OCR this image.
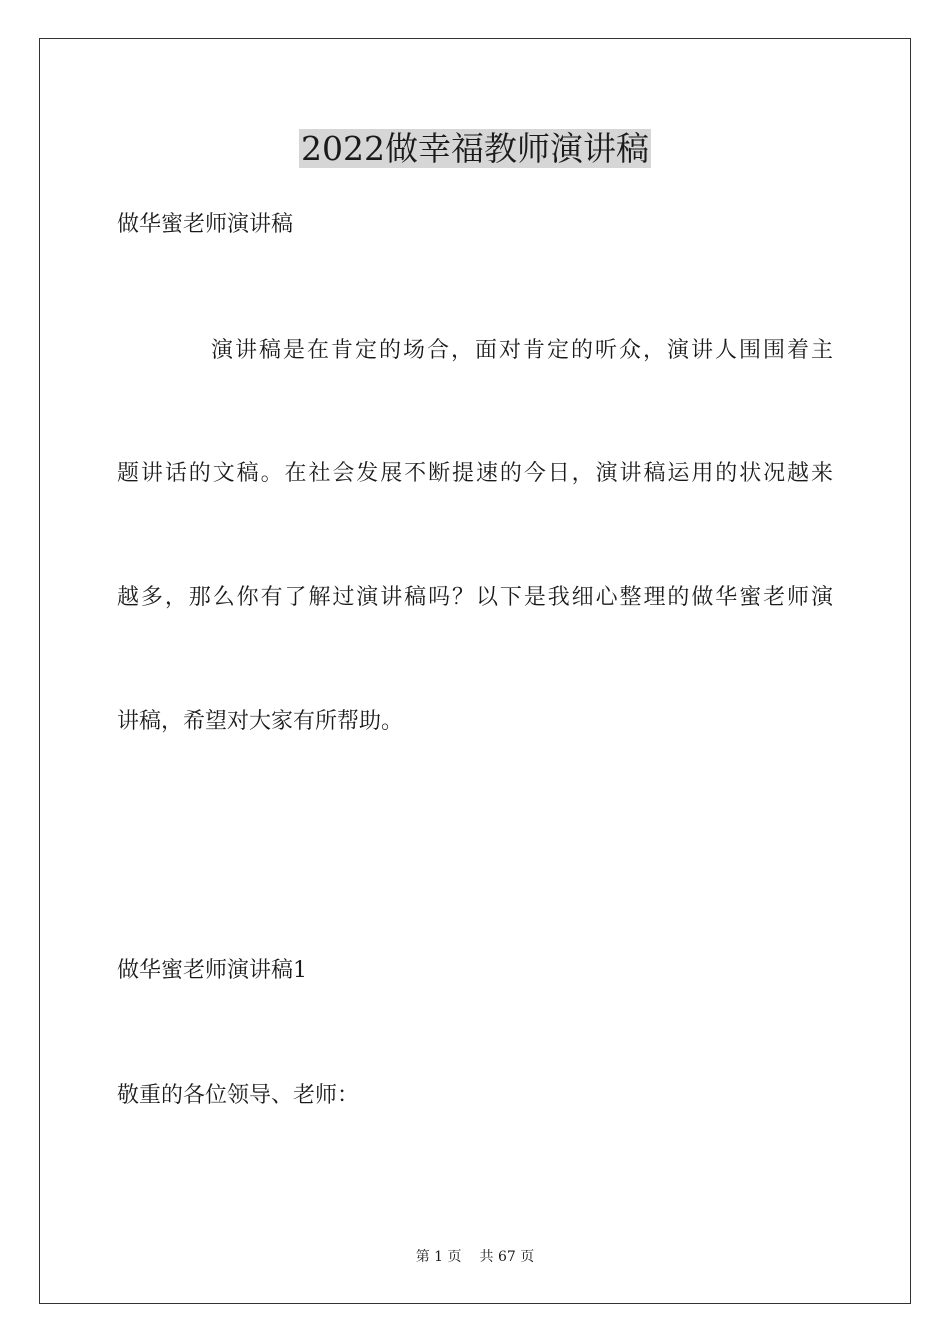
2022做幸福教师演讲稿
做华蜜老师演讲稿
演讲稿是在肯定的场合，面对肯定的听众，演讲人围围着主
题讲话的文稿。在社会发展不断提速的今日，演讲稿运用的状况越来
越多，那么你有了解过演讲稿吗？以下是我细心整理的做华蜜老师演
讲稿，希望对大家有所帮助。
做华蜜老师演讲稿1
敬重的各位领导、老师：
第 1 页 共 67 页
